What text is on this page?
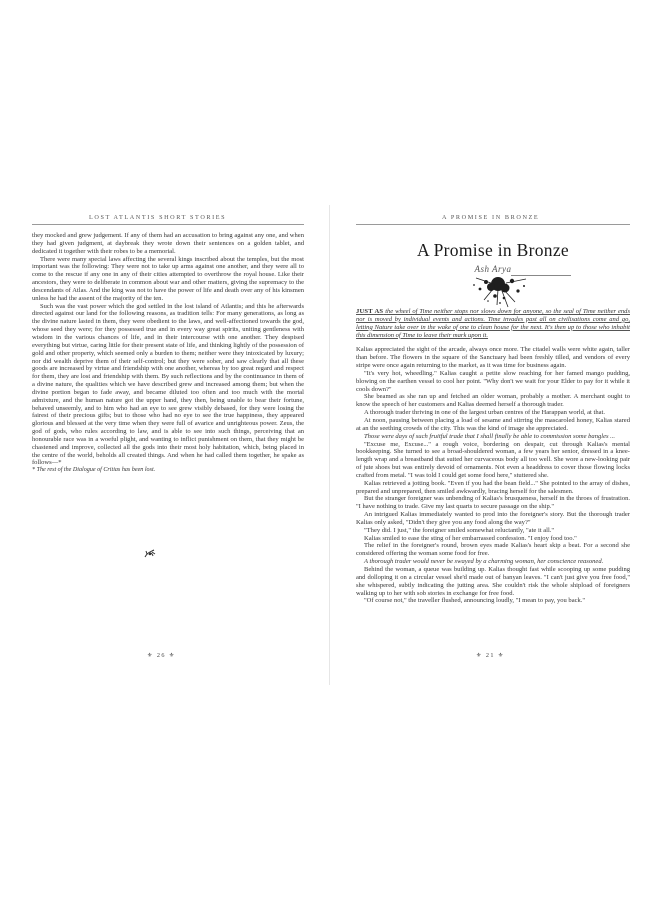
LOST ATLANTIS SHORT STORIES

they mocked and grew judgement. If any of them had an accusation to bring against any one, and when they had given judgment, at daybreak they wrote down their sentences on a golden tablet, and dedicated it together with their robes to be a memorial.

There were many special laws affecting the several kings inscribed about the temples, but the most important was the following: They were not to take up arms against one another, and they were all to come to the rescue if any one in any of their cities attempted to overthrow the royal house. Like their ancestors, they were to deliberate in common about war and other matters, giving the supremacy to the descendants of Atlas. And the king was not to have the power of life and death over any of his kinsmen unless he had the assent of the majority of the ten.

Such was the vast power which the god settled in the lost island of Atlantis; and this he afterwards directed against our land for the following reasons, as tradition tells: For many generations, as long as the divine nature lasted in them, they were obedient to the laws, and well-affectioned towards the god, whose seed they were; for they possessed true and in every way great spirits, uniting gentleness with wisdom in the various chances of life, and in their intercourse with one another. They despised everything but virtue, caring little for their present state of life, and thinking lightly of the possession of gold and other property, which seemed only a burden to them; neither were they intoxicated by luxury; nor did wealth deprive them of their self-control; but they were sober, and saw clearly that all these goods are increased by virtue and friendship with one another, whereas by too great regard and respect for them, they are lost and friendship with them. By such reflections and by the continuance in them of a divine nature, the qualities which we have described grew and increased among them; but when the divine portion began to fade away, and became diluted too often and too much with the mortal admixture, and the human nature got the upper hand, they then, being unable to bear their fortune, behaved unseemly, and to him who had an eye to see grew visibly debased, for they were losing the fairest of their precious gifts; but to those who had no eye to see the true happiness, they appeared glorious and blessed at the very time when they were full of avarice and unrighteous power. Zeus, the god of gods, who rules according to law, and is able to see into such things, perceiving that an honourable race was in a woeful plight, and wanting to inflict punishment on them, that they might be chastened and improve, collected all the gods into their most holy habitation, which, being placed in the centre of the world, beholds all created things. And when he had called them together, he spake as follows—*

* The rest of the Dialogue of Critias has been lost.

⚜ 26 ⚜
A PROMISE IN BRONZE
A Promise in Bronze
Ash Arya

JUST AS the wheel of Time neither stops nor slows down for anyone, so the seal of Time neither ends nor is moved by individual events and actions. Time invades past all on civilisations come and go, letting Nature take over in the wake of one to clean house for the next. It's then up to those who inhabit this dimension of Time to leave their mark upon it.

Kalias appreciated the sight of the arcade, always once more. The citadel walls were white again, taller than before. The flowers in the square of the Sanctuary had been freshly tilled, and vendors of every stripe were once again returning to the market, as it was time for business again.

"It's very hot, wheedling." Kalias caught a petite slow reaching for her famed mango pudding, blowing on the earthen vessel to cool her point. "Why don't we wait for your Elder to pay for it while it cools down?"

She beamed as she ran up and fetched an older woman, probably a mother. A merchant ought to know the speech of her customers and Kalias deemed herself a thorough trader.

A thorough trader thriving in one of the largest urban centres of the Harappan world, at that.

At noon, pausing between placing a load of sesame and stirring the mascaroled honey, Kalias stared at an the seething crowds of the city. This was the kind of image she appreciated.

Those were days of such fruitful trade that I shall finally be able to commission some bangles ...

"Excuse me, Excuse..." a rough voice, bordering on despair, cut through Kalias's mental bookkeeping. She turned to see a broad-shouldered woman, a few years her senior, dressed in a knee-length wrap and a breastband that suited her curvaceous body all too well. She wore a new-looking pair of jute shoes but was entirely devoid of ornaments. Not even a headdress to cover those flowing locks crafted from metal. "I was told I could get some food here," stuttered she.

Kalias retrieved a jotting book. "Even if you had the bean field..." She pointed to the array of dishes, prepared and unprepared, then smiled awkwardly, bracing herself for the salesmen.

But the stranger foreigner was unbending of Kalias's brusqueness, herself in the throes of frustration. "I have nothing to trade. Give my last quarts to secure passage on the ship."

An intrigued Kalias immediately wanted to prod into the foreigner's story. But the thorough trader Kalias only asked, "Didn't they give you any food along the way?"

"They did. I just," the foreigner smiled somewhat reluctantly, "ate it all."

Kalias smiled to ease the sting of her embarrassed confession. "I enjoy food too."

The relief in the foreigner's round, brown eyes made Kalias's heart skip a beat. For a second she considered offering the woman some food for free.

A thorough trader would never be swayed by a charming woman, her conscience reasoned.

Behind the woman, a queue was building up. Kalias thought fast while scooping up some pudding and dolloping it on a circular vessel she'd made out of banyan leaves. "I can't just give you free food," she whispered, subtly indicating the jutting area. She couldn't risk the whole shipload of foreigners walking up to her with sob stories in exchange for free food.

"Of course not," the traveller flushed, announcing loudly, "I mean to pay, you back."

⚜ 21 ⚜
